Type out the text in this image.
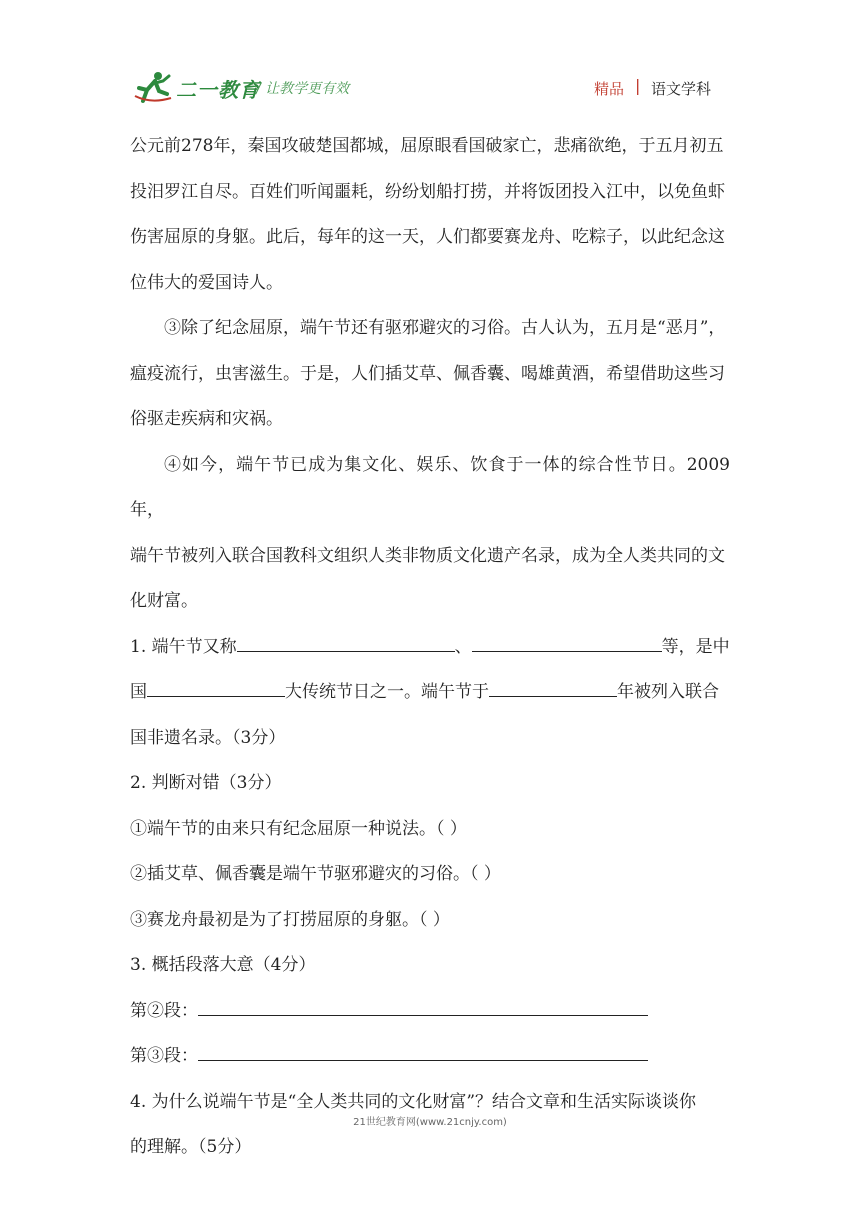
二一教育
/ 让教学更有效	精品 | 语文学科

公元前278年，秦国攻破楚国都城，屈原眼看国破家亡，悲痛欲绝，于五月初五

投汨罗江自尽。百姓们听闻噩耗，纷纷划船打捞，并将饭团投入江中，以免鱼虾

伤害屈原的身躯。此后，每年的这一天，人们都要赛龙舟、吃粽子，以此纪念这

位伟大的爱国诗人。

③除了纪念屈原，端午节还有驱邪避灾的习俗。古人认为，五月是“恶月”，

瘟疫流行，虫害滋生。于是，人们插艾草、佩香囊、喝雄黄酒，希望借助这些习

俗驱走疾病和灾祸。

④如今，端午节已成为集文化、娱乐、饮食于一体的综合性节日。2009年，

端午节被列入联合国教科文组织人类非物质文化遗产名录，成为全人类共同的文

化财富。

1. 端午节又称	、	等，是中

国	大传统节日之一。端午节于	年被列入联合

国非遗名录。（3分）

2. 判断对错（3分）

①端午节的由来只有纪念屈原一种说法。（ ）

②插艾草、佩香囊是端午节驱邪避灾的习俗。（ ）

③赛龙舟最初是为了打捞屈原的身躯。（ ）

3. 概括段落大意（4分）

第②段：

第③段：

4. 为什么说端午节是“全人类共同的文化财富”？结合文章和生活实际谈谈你

的理解。（5分）

21世纪教育网(www.21cnjy.com)
